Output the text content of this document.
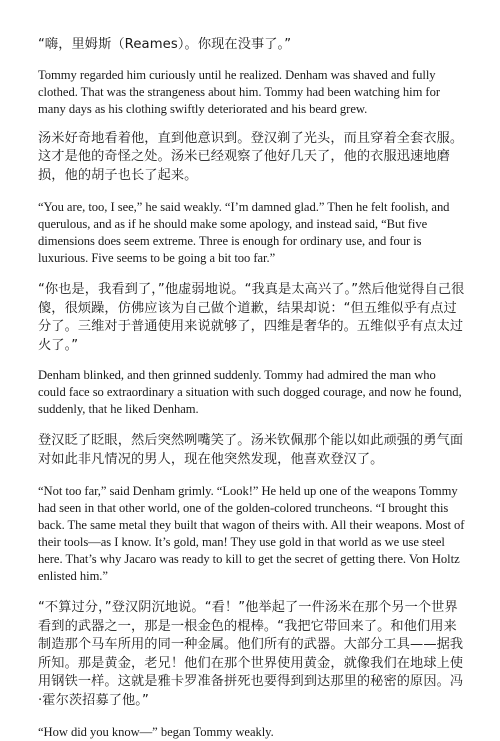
“嗨，里姆斯（Reames）。你现在没事了。”

Tommy regarded him curiously until he realized. Denham was shaved and fully clothed. That was the strangeness about him. Tommy had been watching him for many days as his clothing swiftly deteriorated and his beard grew.

汤米好奇地看着他，直到他意识到。登汉剃了光头，而且穿着全套衣服。这才是他的奇怪之处。汤米已经观察了他好几天了，他的衣服迅速地磨损，他的胡子也长了起来。

“You are, too, I see,” he said weakly. “I’m damned glad.” Then he felt foolish, and querulous, and as if he should make some apology, and instead said, “But five dimensions does seem extreme. Three is enough for ordinary use, and four is luxurious. Five seems to be going a bit too far.”

“你也是，我看到了，”他虚弱地说。“我真是太高兴了。”然后他觉得自己很傻，很烦躁，仿佛应该为自己做个道歉，结果却说：“但五维似乎有点过分了。三维对于普通使用来说就够了，四维是奢华的。五维似乎有点太过火了。”

Denham blinked, and then grinned suddenly. Tommy had admired the man who could face so extraordinary a situation with such dogged courage, and now he found, suddenly, that he liked Denham.

登汉眨了眨眼，然后突然咧嘴笑了。汤米钦佩那个能以如此顽强的勇气面对如此非凡情况的男人，现在他突然发现，他喜欢登汉了。

“Not too far,” said Denham grimly. “Look!” He held up one of the weapons Tommy had seen in that other world, one of the golden-colored truncheons. “I brought this back. The same metal they built that wagon of theirs with. All their weapons. Most of their tools—as I know. It’s gold, man! They use gold in that world as we use steel here. That’s why Jacaro was ready to kill to get the secret of getting there. Von Holtz enlisted him.”

“不算过分，”登汉阴沉地说。“看！”他举起了一件汤米在那个另一个世界看到的武器之一，那是一根金色的棍棒。“我把它带回来了。和他们用来制造那个马车所用的同一种金属。他们所有的武器。大部分工具——据我所知。那是黄金，老兄！他们在那个世界使用黄金，就像我们在地球上使用钢铁一样。这就是雅卡罗准备拼死也要得到到达那里的秘密的原因。冯·霍尔茨招募了他。”

“How did you know—” began Tommy weakly.
